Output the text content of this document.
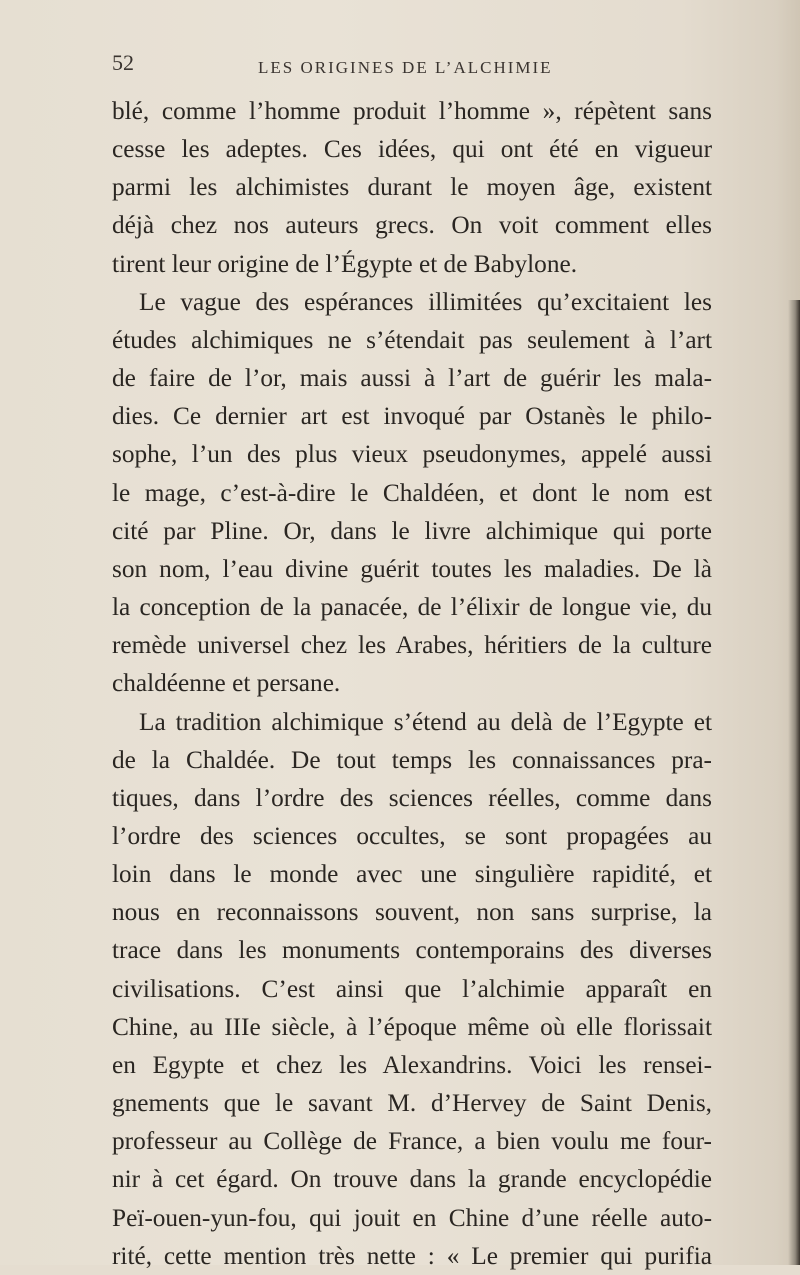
52	LES ORIGINES DE L’ALCHIMIE
blé, comme l’homme produit l’homme », répètent sans
cesse les adeptes. Ces idées, qui ont été en vigueur
parmi les alchimistes durant le moyen âge, existent
déjà chez nos auteurs grecs. On voit comment elles
tirent leur origine de l’Égypte et de Babylone.
Le vague des espérances illimitées qu’excitaient les
études alchimiques ne s’étendait pas seulement à l’art
de faire de l’or, mais aussi à l’art de guérir les mala-
dies. Ce dernier art est invoqué par Ostanès le philo-
sophe, l’un des plus vieux pseudonymes, appelé aussi
le mage, c’est-à-dire le Chaldéen, et dont le nom est
cité par Pline. Or, dans le livre alchimique qui porte
son nom, l’eau divine guérit toutes les maladies. De là
la conception de la panacée, de l’élixir de longue vie, du
remède universel chez les Arabes, héritiers de la culture
chaldéenne et persane.
La tradition alchimique s’étend au delà de l’Egypte et
de la Chaldée. De tout temps les connaissances pra-
tiques, dans l’ordre des sciences réelles, comme dans
l’ordre des sciences occultes, se sont propagées au
loin dans le monde avec une singulière rapidité, et
nous en reconnaissons souvent, non sans surprise, la
trace dans les monuments contemporains des diverses
civilisations. C’est ainsi que l’alchimie apparaît en
Chine, au IIIe siècle, à l’époque même où elle florissait
en Egypte et chez les Alexandrins. Voici les rensei-
gnements que le savant M. d’Hervey de Saint Denis,
professeur au Collège de France, a bien voulu me four-
nir à cet égard. On trouve dans la grande encyclopédie
Peï-ouen-yun-fou, qui jouit en Chine d’une réelle auto-
rité, cette mention très nette : « Le premier qui purifia
